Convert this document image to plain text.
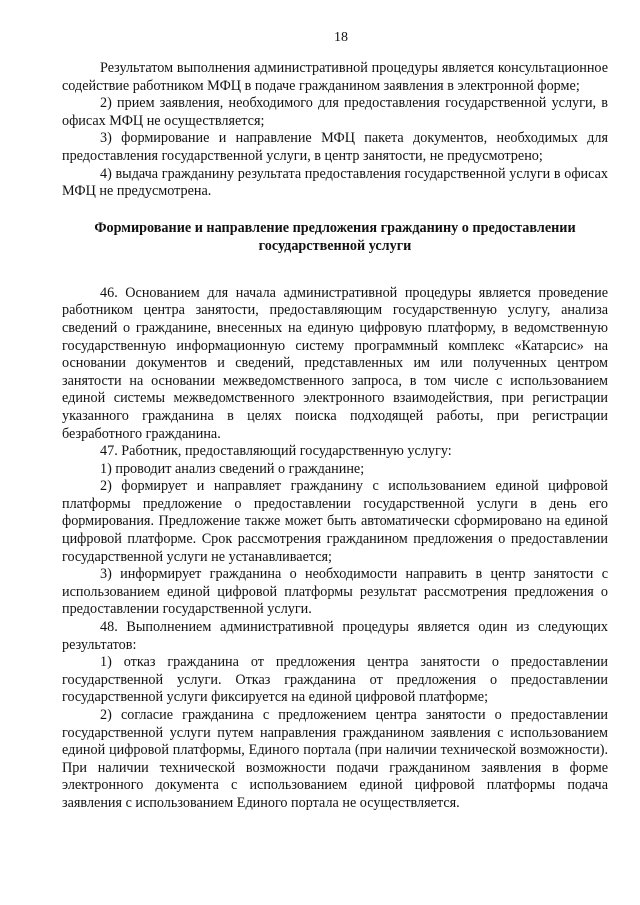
18

Результатом выполнения административной процедуры является консультационное содействие работником МФЦ в подаче гражданином заявления в электронной форме;

2) прием заявления, необходимого для предоставления государственной услуги, в офисах МФЦ не осуществляется;

3) формирование и направление МФЦ пакета документов, необходимых для предоставления государственной услуги, в центр занятости, не предусмотрено;

4) выдача гражданину результата предоставления государственной услуги в офисах МФЦ не предусмотрена.

Формирование и направление предложения гражданину о предоставлении государственной услуги

46. Основанием для начала административной процедуры является проведение работником центра занятости, предоставляющим государственную услугу, анализа сведений о гражданине, внесенных на единую цифровую платформу, в ведомственную государственную информационную систему программный комплекс «Катарсис» на основании документов и сведений, представленных им или полученных центром занятости на основании межведомственного запроса, в том числе с использованием единой системы межведомственного электронного взаимодействия, при регистрации указанного гражданина в целях поиска подходящей работы, при регистрации безработного гражданина.

47. Работник, предоставляющий государственную услугу:

1) проводит анализ сведений о гражданине;

2) формирует и направляет гражданину с использованием единой цифровой платформы предложение о предоставлении государственной услуги в день его формирования. Предложение также может быть автоматически сформировано на единой цифровой платформе. Срок рассмотрения гражданином предложения о предоставлении государственной услуги не устанавливается;

3) информирует гражданина о необходимости направить в центр занятости с использованием единой цифровой платформы результат рассмотрения предложения о предоставлении государственной услуги.

48. Выполнением административной процедуры является один из следующих результатов:

1) отказ гражданина от предложения центра занятости о предоставлении государственной услуги. Отказ гражданина от предложения о предоставлении государственной услуги фиксируется на единой цифровой платформе;

2) согласие гражданина с предложением центра занятости о предоставлении государственной услуги путем направления гражданином заявления с использованием единой цифровой платформы, Единого портала (при наличии технической возможности). При наличии технической возможности подачи гражданином заявления в форме электронного документа с использованием единой цифровой платформы подача заявления с использованием Единого портала не осуществляется.
